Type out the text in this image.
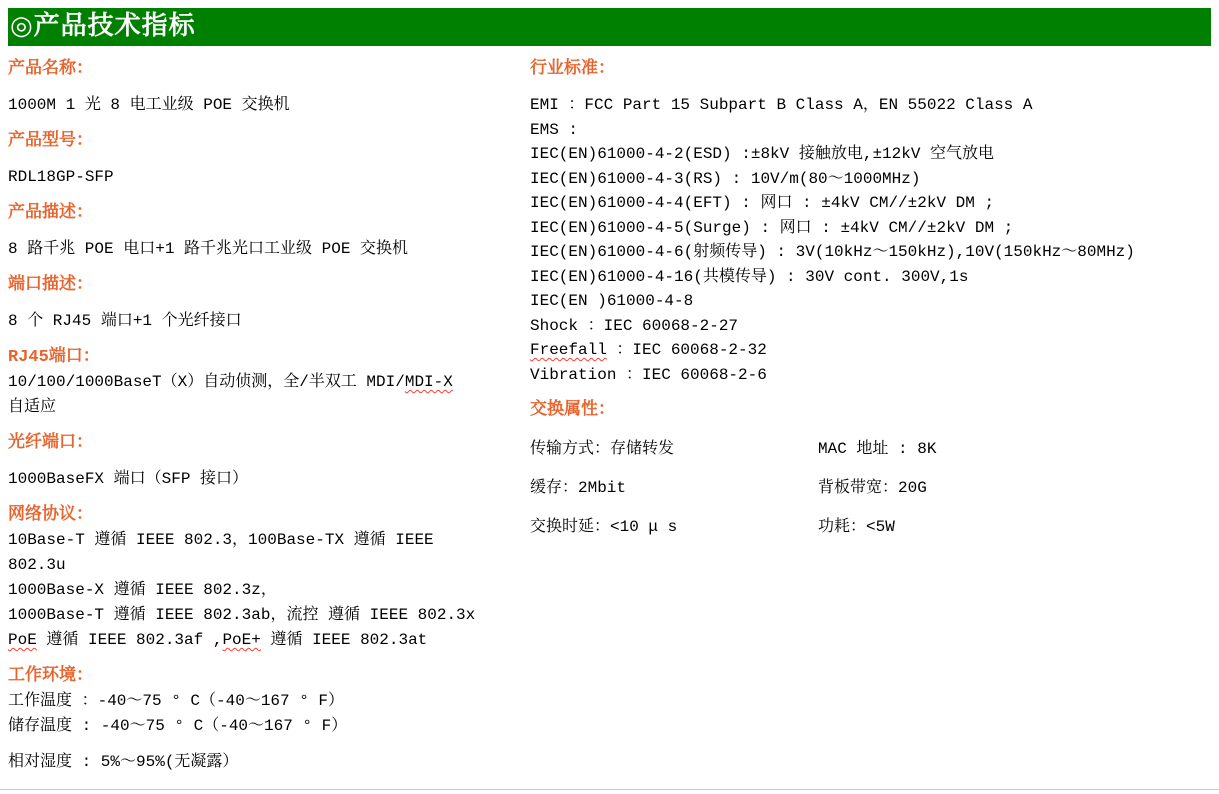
◎产品技术指标

产品名称：

1000M 1 光 8 电工业级 POE 交换机

产品型号：

RDL18GP-SFP

产品描述：

8 路千兆 POE 电口+1 路千兆光口工业级 POE 交换机

端口描述：

8 个 RJ45 端口+1 个光纤接口

RJ45端口：
10/100/1000BaseT（X）自动侦测，全/半双工 MDI/MDI-X
自适应

光纤端口：

1000BaseFX 端口（SFP 接口）

网络协议：
10Base-T 遵循 IEEE 802.3，100Base-TX 遵循 IEEE
802.3u
1000Base-X 遵循 IEEE 802.3z，
1000Base-T 遵循 IEEE 802.3ab，流控 遵循 IEEE 802.3x
PoE 遵循 IEEE 802.3af ,PoE+ 遵循 IEEE 802.3at
工作环境：
工作温度 ：-40～75 ° C（-40～167 ° F）
储存温度 : -40～75 ° C（-40～167 ° F）

相对湿度 : 5%～95%(无凝露）

行业标准：

EMI ：FCC Part 15 Subpart B Class A，EN 55022 Class A
EMS :
IEC(EN)61000-4-2(ESD) :±8kV 接触放电,±12kV 空气放电
IEC(EN)61000-4-3(RS) : 10V/m(80～1000MHz)
IEC(EN)61000-4-4(EFT) : 网口 : ±4kV CM//±2kV DM ;
IEC(EN)61000-4-5(Surge) : 网口 : ±4kV CM//±2kV DM ;
IEC(EN)61000-4-6(射频传导) : 3V(10kHz～150kHz),10V(150kHz～80MHz)
IEC(EN)61000-4-16(共模传导) : 30V cont. 300V,1s
IEC(EN )61000-4-8
Shock ：IEC 60068-2-27
Freefall ：IEC 60068-2-32
Vibration ：IEC 60068-2-6

交换属性：

传输方式：存储转发	MAC 地址 : 8K
缓存：2Mbit	背板带宽：20G
交换时延：<10 μ s	功耗：<5W
